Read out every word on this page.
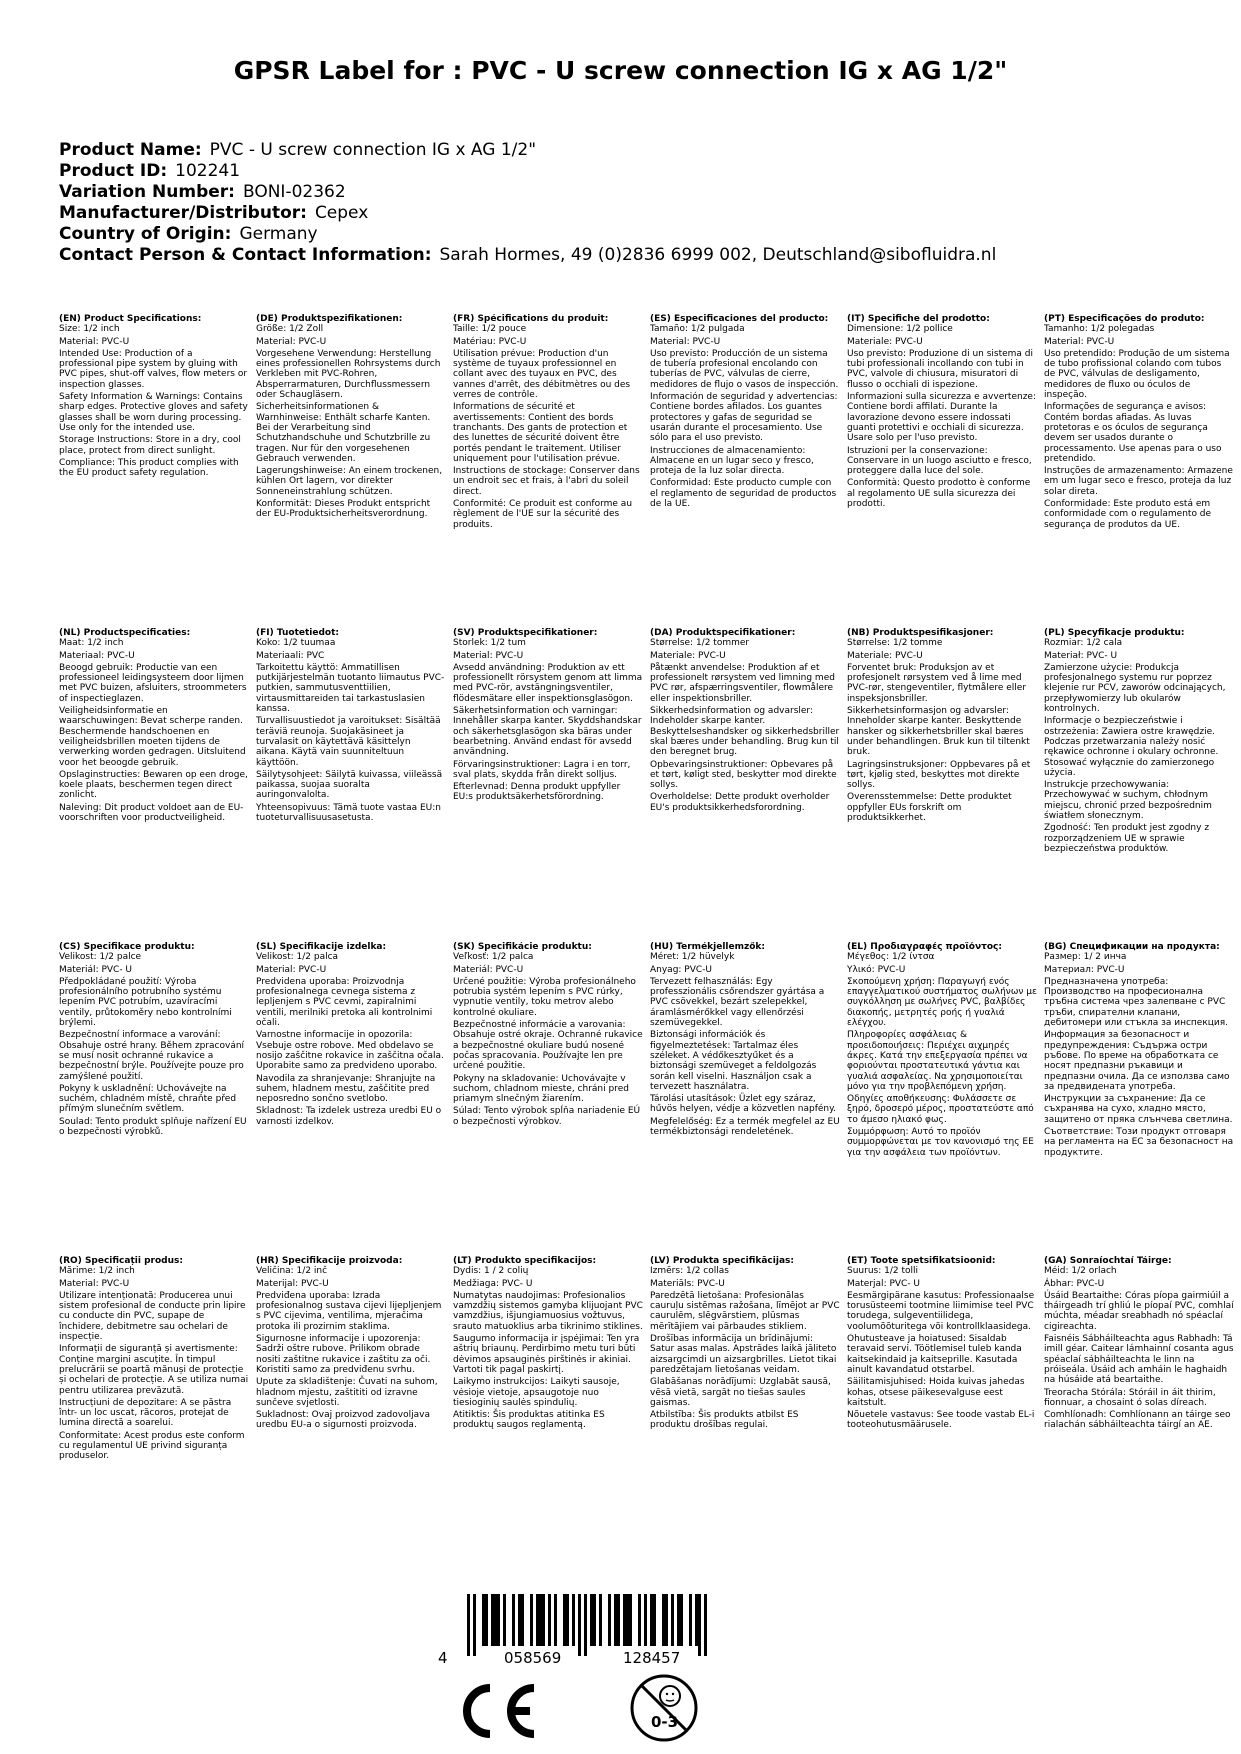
GPSR Label for : PVC - U screw connection IG x AG 1/2"
Product Name: PVC - U screw connection IG x AG 1/2"
Product ID: 102241
Variation Number: BONI-02362
Manufacturer/Distributor: Cepex
Country of Origin: Germany
Contact Person & Contact Information: Sarah Hormes, 49 (0)2836 6999 002, Deutschland@sibofluidra.nl
(EN) Product Specifications:
Size: 1/2 inch
Material: PVC-U
Intended Use: Production of a professional pipe system by gluing with PVC pipes, shut-off valves, flow meters or inspection glasses.
Safety Information & Warnings: Contains sharp edges. Protective gloves and safety glasses shall be worn during processing. Use only for the intended use.
Storage Instructions: Store in a dry, cool place, protect from direct sunlight.
Compliance: This product complies with the EU product safety regulation.
(DE) Produktspezifikationen:
Größe: 1/2 Zoll
Material: PVC-U
Vorgesehene Verwendung: Herstellung eines professionellen Rohrsystems durch Verkleben mit PVC-Rohren, Absperrarmaturen, Durchflussmessern oder Schaugläsern.
Sicherheitsinformationen & Warnhinweise: Enthält scharfe Kanten. Bei der Verarbeitung sind Schutzhandschuhe und Schutzbrille zu tragen. Nur für den vorgesehenen Gebrauch verwenden.
Lagerungshinweise: An einem trockenen, kühlen Ort lagern, vor direkter Sonneneinstrahlung schützen.
Konformität: Dieses Produkt entspricht der EU-Produktsicherheitsverordnung.
(FR) Spécifications du produit:
Taille: 1/2 pouce
Matériau: PVC-U
Utilisation prévue: Production d'un système de tuyaux professionnel en collant avec des tuyaux en PVC, des vannes d'arrêt, des débitmètres ou des verres de contrôle.
Informations de sécurité et avertissements: Contient des bords tranchants. Des gants de protection et des lunettes de sécurité doivent être portés pendant le traitement. Utiliser uniquement pour l'utilisation prévue.
Instructions de stockage: Conserver dans un endroit sec et frais, à l'abri du soleil direct.
Conformité: Ce produit est conforme au règlement de l'UE sur la sécurité des produits.
(ES) Especificaciones del producto:
Tamaño: 1/2 pulgada
Material: PVC-U
Uso previsto: Producción de un sistema de tubería profesional encolando con tuberías de PVC, válvulas de cierre, medidores de flujo o vasos de inspección.
Información de seguridad y advertencias: Contiene bordes afilados. Los guantes protectores y gafas de seguridad se usarán durante el procesamiento. Use sólo para el uso previsto.
Instrucciones de almacenamiento: Almacene en un lugar seco y fresco, proteja de la luz solar directa.
Conformidad: Este producto cumple con el reglamento de seguridad de productos de la UE.
(IT) Specifiche del prodotto:
Dimensione: 1/2 pollice
Materiale: PVC-U
Uso previsto: Produzione di un sistema di tubi professionali incollando con tubi in PVC, valvole di chiusura, misuratori di flusso o occhiali di ispezione.
Informazioni sulla sicurezza e avvertenze: Contiene bordi affilati. Durante la lavorazione devono essere indossati guanti protettivi e occhiali di sicurezza. Usare solo per l'uso previsto.
Istruzioni per la conservazione: Conservare in un luogo asciutto e fresco, proteggere dalla luce del sole.
Conformità: Questo prodotto è conforme al regolamento UE sulla sicurezza dei prodotti.
(PT) Especificações do produto:
Tamanho: 1/2 polegadas
Material: PVC-U
Uso pretendido: Produção de um sistema de tubo profissional colando com tubos de PVC, válvulas de desligamento, medidores de fluxo ou óculos de inspeção.
Informações de segurança e avisos: Contém bordas afiadas. As luvas protetoras e os óculos de segurança devem ser usados durante o processamento. Use apenas para o uso pretendido.
Instruções de armazenamento: Armazene em um lugar seco e fresco, proteja da luz solar direta.
Conformidade: Este produto está em conformidade com o regulamento de segurança de produtos da UE.
(NL) Productspecificaties:
Maat: 1/2 inch
Materiaal: PVC-U
Beoogd gebruik: Productie van een professioneel leidingsysteem door lijmen met PVC buizen, afsluiters, stroommeters of inspectieglazen.
Veiligheidsinformatie en waarschuwingen: Bevat scherpe randen. Beschermende handschoenen en veiligheidsbrillen moeten tijdens de verwerking worden gedragen. Uitsluitend voor het beoogde gebruik.
Opslaginstructies: Bewaren op een droge, koele plaats, beschermen tegen direct zonlicht.
Naleving: Dit product voldoet aan de EU-voorschriften voor productveiligheid.
(FI) Tuotetiedot:
Koko: 1/2 tuumaa
Materiaali: PVC
Tarkoitettu käyttö: Ammatillisen putkijärjestelmän tuotanto liimautus PVC-putkien, sammutusventtiilien, virtausmittareiden tai tarkastuslasien kanssa.
Turvallisuustiedot ja varoitukset: Sisältää teräviä reunoja. Suojakäsineet ja turvalasit on käytettävä käsittelyn aikana. Käytä vain suunniteltuun käyttöön.
Säilytysohjeet: Säilytä kuivassa, viileässä paikassa, suojaa suoralta auringonvalolta.
Yhteensopivuus: Tämä tuote vastaa EU:n tuoteturvallisuusasetusta.
(SV) Produktspecifikationer:
Storlek: 1/2 tum
Material: PVC-U
Avsedd användning: Produktion av ett professionellt rörsystem genom att limma med PVC-rör, avstängningsventiler, flödesmätare eller inspektionsglasögon.
Säkerhetsinformation och varningar: Innehåller skarpa kanter. Skyddshandskar och säkerhetsglasögon ska bäras under bearbetning. Använd endast för avsedd användning.
Förvaringsinstruktioner: Lagra i en torr, sval plats, skydda från direkt solljus.
Efterlevnad: Denna produkt uppfyller EU:s produktsäkerhetsförordning.
(DA) Produktspecifikationer:
Størrelse: 1/2 tommer
Materiale: PVC-U
Påtænkt anvendelse: Produktion af et professionelt rørsystem ved limning med PVC rør, afspærringsventiler, flowmålere eller inspektionsbriller.
Sikkerhedsinformation og advarsler: Indeholder skarpe kanter. Beskyttelseshandsker og sikkerhedsbriller skal bæres under behandling. Brug kun til den beregnet brug.
Opbevaringsinstruktioner: Opbevares på et tørt, køligt sted, beskytter mod direkte sollys.
Overholdelse: Dette produkt overholder EU's produktsikkerhedsforordning.
(NB) Produktspesifikasjoner:
Størrelse: 1/2 tomme
Materiale: PVC-U
Forventet bruk: Produksjon av et profesjonelt rørsystem ved å lime med PVC-rør, stengeventiler, flytmålere eller inspeksjonsbriller.
Sikkerhetsinformasjon og advarsler: Inneholder skarpe kanter. Beskyttende hansker og sikkerhetsbriller skal bæres under behandlingen. Bruk kun til tiltenkt bruk.
Lagringsinstruksjoner: Oppbevares på et tørt, kjølig sted, beskyttes mot direkte sollys.
Overensstemmelse: Dette produktet oppfyller EUs forskrift om produktsikkerhet.
(PL) Specyfikacje produktu:
Rozmiar: 1/2 cala
Materiał: PVC- U
Zamierzone użycie: Produkcja profesjonalnego systemu rur poprzez klejenie rur PCV, zaworów odcinających, przepływomierzy lub okularów kontrolnych.
Informacje o bezpieczeństwie i ostrzeżenia: Zawiera ostre krawędzie. Podczas przetwarzania należy nosić rękawice ochronne i okulary ochronne. Stosować wyłącznie do zamierzonego użycia.
Instrukcje przechowywania: Przechowywać w suchym, chłodnym miejscu, chronić przed bezpośrednim światłem słonecznym.
Zgodność: Ten produkt jest zgodny z rozporządzeniem UE w sprawie bezpieczeństwa produktów.
(CS) Specifikace produktu:
Velikost: 1/2 palce
Materiál: PVC- U
Předpokládané použití: Výroba profesionálního potrubního systému lepením PVC potrubím, uzavíracími ventily, průtokoměry nebo kontrolními brýlemi.
Bezpečnostní informace a varování: Obsahuje ostré hrany. Během zpracování se musí nosit ochranné rukavice a bezpečnostní brýle. Používejte pouze pro zamýšlené použití.
Pokyny k uskladnění: Uchovávejte na suchém, chladném místě, chraňte před přímým slunečním světlem.
Soulad: Tento produkt splňuje nařízení EU o bezpečnosti výrobků.
(SL) Specifikacije izdelka:
Velikost: 1/2 palca
Material: PVC-U
Predvidena uporaba: Proizvodnja profesionalnega cevnega sistema z lepljenjem s PVC cevmi, zapiralnimi ventili, merilniki pretoka ali kontrolnimi očali.
Varnostne informacije in opozorila: Vsebuje ostre robove. Med obdelavo se nosijo zaščitne rokavice in zaščitna očala. Uporabite samo za predvideno uporabo.
Navodila za shranjevanje: Shranjujte na suhem, hladnem mestu, zaščitite pred neposredno sončno svetlobo.
Skladnost: Ta izdelek ustreza uredbi EU o varnosti izdelkov.
(SK) Špecifikácie produktu:
Veľkosť: 1/2 palca
Materiál: PVC-U
Určené použitie: Výroba profesionálneho potrubia systém lepením s PVC rúrky, vypnutie ventily, toku metrov alebo kontrolné okuliare.
Bezpečnostné informácie a varovania: Obsahuje ostré okraje. Ochranné rukavice a bezpečnostné okuliare budú nosené počas spracovania. Používajte len pre určené použitie.
Pokyny na skladovanie: Uchovávajte v suchom, chladnom mieste, chráni pred priamym slnečným žiarením.
Súlad: Tento výrobok spĺňa nariadenie EÚ o bezpečnosti výrobkov.
(HU) Termékjellemzők:
Méret: 1/2 hüvelyk
Anyag: PVC-U
Tervezett felhasználás: Egy professzionális csőrendszer gyártása a PVC csövekkel, bezárt szelepekkel, áramlásmérőkkel vagy ellenőrzési szemüvegekkel.
Biztonsági információk és figyelmeztetések: Tartalmaz éles széleket. A védőkesztyűket és a biztonsági szemüveget a feldolgozás során kell viselni. Használjon csak a tervezett használatra.
Tárolási utasítások: Üzlet egy száraz, hűvös helyen, védje a közvetlen napfény.
Megfelelőség: Ez a termék megfelel az EU termékbiztonsági rendeletének.
(EL) Προδιαγραφές προϊόντος:
Μέγεθος: 1/2 ίντσα
Υλικό: PVC-U
Σκοπούμενη χρήση: Παραγωγή ενός επαγγελματικού συστήματος σωλήνων με συγκόλληση με σωλήνες PVC, βαλβίδες διακοπής, μετρητές ροής ή γυαλιά ελέγχου.
Πληροφορίες ασφάλειας & προειδοποιήσεις: Περιέχει αιχμηρές άκρες. Κατά την επεξεργασία πρέπει να φοριούνται προστατευτικά γάντια και γυαλιά ασφαλείας. Να χρησιμοποιείται μόνο για την προβλεπόμενη χρήση.
Οδηγίες αποθήκευσης: Φυλάσσετε σε ξηρό, δροσερό μέρος, προστατεύστε από το άμεσο ηλιακό φως.
Συμμόρφωση: Αυτό το προϊόν συμμορφώνεται με τον κανονισμό της ΕΕ για την ασφάλεια των προϊόντων.
(BG) Спецификации на продукта:
Размер: 1/ 2 инча
Материал: PVC-U
Предназначена употреба: Производство на професионална тръбна система чрез залепване с PVC тръби, спирателни клапани, дебитомери или стъкла за инспекция.
Информация за безопасност и предупреждения: Съдържа остри ръбове. По време на обработката се носят предпазни ръкавици и предпазни очила. Да се използва само за предвидената употреба.
Инструкции за съхранение: Да се съхранява на сухо, хладно място, защитено от пряка слънчева светлина.
Съответствие: Този продукт отговаря на регламента на ЕС за безопасност на продуктите.
(RO) Specificații produs:
Mărime: 1/2 inch
Material: PVC-U
Utilizare intenționată: Producerea unui sistem profesional de conducte prin lipire cu conducte din PVC, supape de închidere, debitmetre sau ochelari de inspecție.
Informații de siguranță și avertismente: Conține margini ascuțite. În timpul prelucrării se poartă mănuși de protecție și ochelari de protecție. A se utiliza numai pentru utilizarea prevăzută.
Instrucțiuni de depozitare: A se păstra într- un loc uscat, răcoros, protejat de lumina directă a soarelui.
Conformitate: Acest produs este conform cu regulamentul UE privind siguranța produselor.
(HR) Specifikacije proizvoda:
Veličina: 1/2 inč
Materijal: PVC-U
Predviđena uporaba: Izrada profesionalnog sustava cijevi lijepljenjem s PVC cijevima, ventilima, mjeračima protoka ili prozirnim staklima.
Sigurnosne informacije i upozorenja: Sadrži oštre rubove. Prilikom obrade nositi zaštitne rukavice i zaštitu za oči. Koristiti samo za predviđenu svrhu.
Upute za skladištenje: Čuvati na suhom, hladnom mjestu, zaštititi od izravne sunčeve svjetlosti.
Sukladnost: Ovaj proizvod zadovoljava uredbu EU-a o sigurnosti proizvoda.
(LT) Produkto specifikacijos:
Dydis: 1 / 2 colių
Medžiaga: PVC- U
Numatytas naudojimas: Profesionalios vamzdžių sistemos gamyba klijuojant PVC vamzdžius, išjungiamuosius vožtuvus, srauto matuoklius arba tikrinimo stiklines.
Saugumo informacija ir įspėjimai: Ten yra aštrių briaunų. Perdirbimo metu turi būti dėvimos apsauginės pirštinės ir akiniai. Vartoti tik pagal paskirtį.
Laikymo instrukcijos: Laikyti sausoje, vėsioje vietoje, apsaugotoje nuo tiesioginių saulės spindulių.
Atitiktis: Šis produktas atitinka ES produktų saugos reglamentą.
(LV) Produkta specifikācijas:
Izmērs: 1/2 collas
Materiāls: PVC-U
Paredzētā lietošana: Profesionālas cauruļu sistēmas ražošana, līmējot ar PVC caurulēm, slēgvārstiem, plūsmas mērītājiem vai pārbaudes stikliem.
Drošības informācija un brīdinājumi: Satur asas malas. Apstrādes laikā jāliteto aizsargcimdi un aizsargbrilles. Lietot tikai paredzētajam lietošanas veidam.
Glabāšanas norādījumi: Uzglabāt sausā, vēsā vietā, sargāt no tiešas saules gaismas.
Atbilstība: Šis produkts atbilst ES produktu drošības regulai.
(ET) Toote spetsifikatsioonid:
Suurus: 1/2 tolli
Materjal: PVC- U
Eesmärgipärane kasutus: Professionaalse torusüsteemi tootmine liimimise teel PVC torudega, sulgeventiilidega, voolumõõturitega või kontrollklaasidega.
Ohutusteave ja hoiatused: Sisaldab teravaid servi. Töötlemisel tuleb kanda kaitsekindaid ja kaitseprille. Kasutada ainult kavandatud otstarbel.
Säilitamisjuhised: Hoida kuivas jahedas kohas, otsese päikesevalguse eest kaitstult.
Nõuetele vastavus: See toode vastab EL-i tooteohutusmäärusele.
(GA) Sonraíochtaí Táirge:
Méid: 1/2 orlach
Ábhar: PVC-U
Úsáid Beartaithe: Córas píopa gairmiúil a tháirgeadh trí ghliú le píopaí PVC, comhlaí múchta, méadar sreabhadh nó spéaclaí cigireachta.
Faisnéis Sábháilteachta agus Rabhadh: Tá imill géar. Caitear lámhainní cosanta agus spéaclaí sábháilteachta le linn na próiseála. Úsáid ach amháin le haghaidh na húsáide atá beartaithe.
Treoracha Stórála: Stóráil in áit thirim, fionnuar, a chosaint ó solas díreach.
Comhlíonadh: Comhlíonann an táirge seo rialachán sábháilteachta táirgí an AE.
4	058569	128457
0-3
